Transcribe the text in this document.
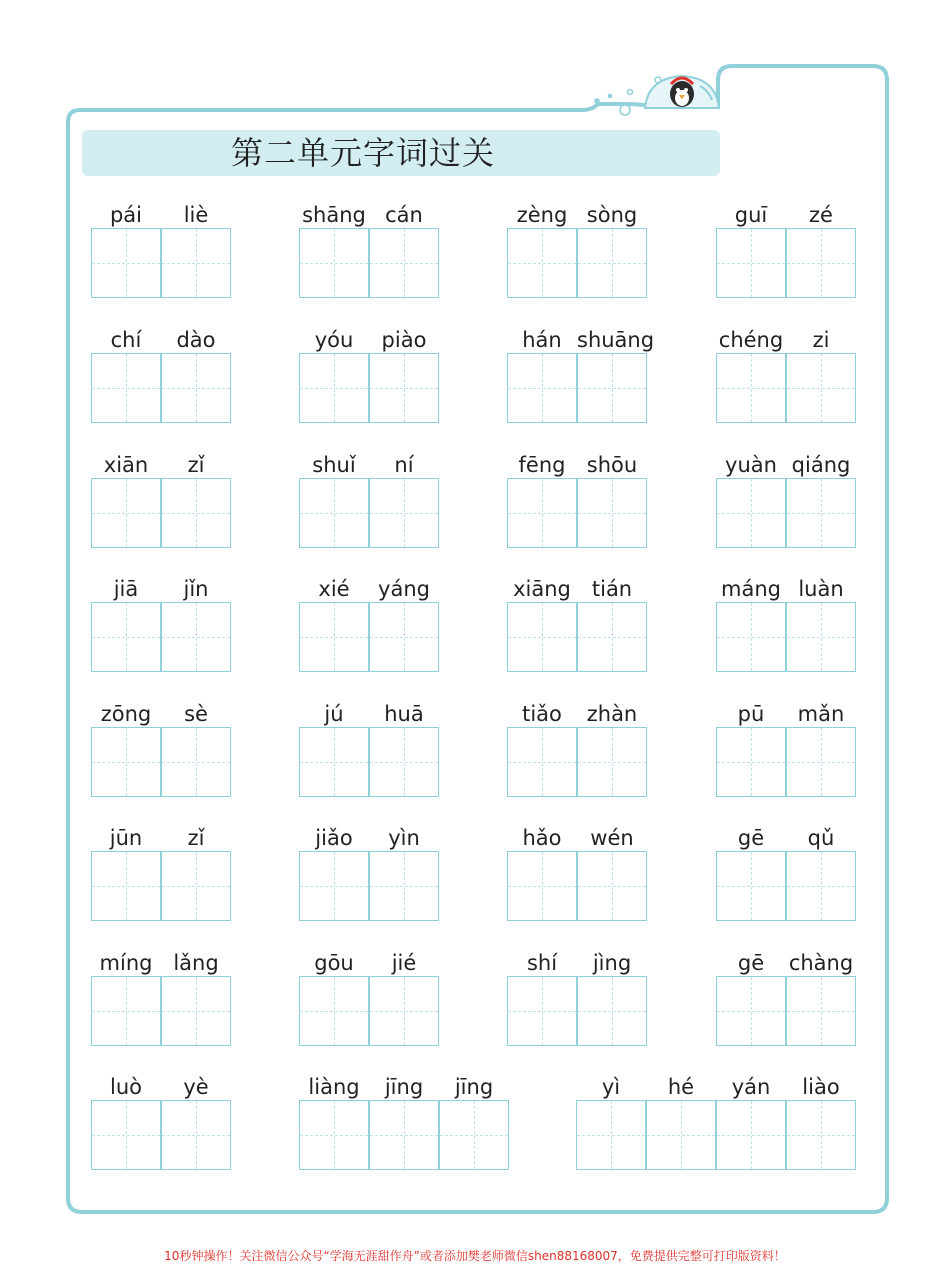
第二单元字词过关
pái	liè	shāng cán	zèng sòng	guī	zé
chí	dào	yóu	piào	hán shuāng	chéng	zi
xiān	zǐ	shuǐ	ní	fēng	shōu	yuàn qiáng
jiā	jǐn	xié	yáng	xiāng tián	máng luàn
zōng	sè	jú	huā	tiǎo	zhàn	pū	mǎn
jūn	zǐ	jiǎo	yìn	hǎo	wén	gē	qǔ
míng lǎng	gōu	jié	shí	jìng	gē	chàng
luò	yè	liàng	jīng	jīng	yì	hé	yán	liào
10秒钟操作！关注微信公众号“学海无涯甜作舟”或者添加樊老师微信shen88168007，免费提供完整可打印版资料！
